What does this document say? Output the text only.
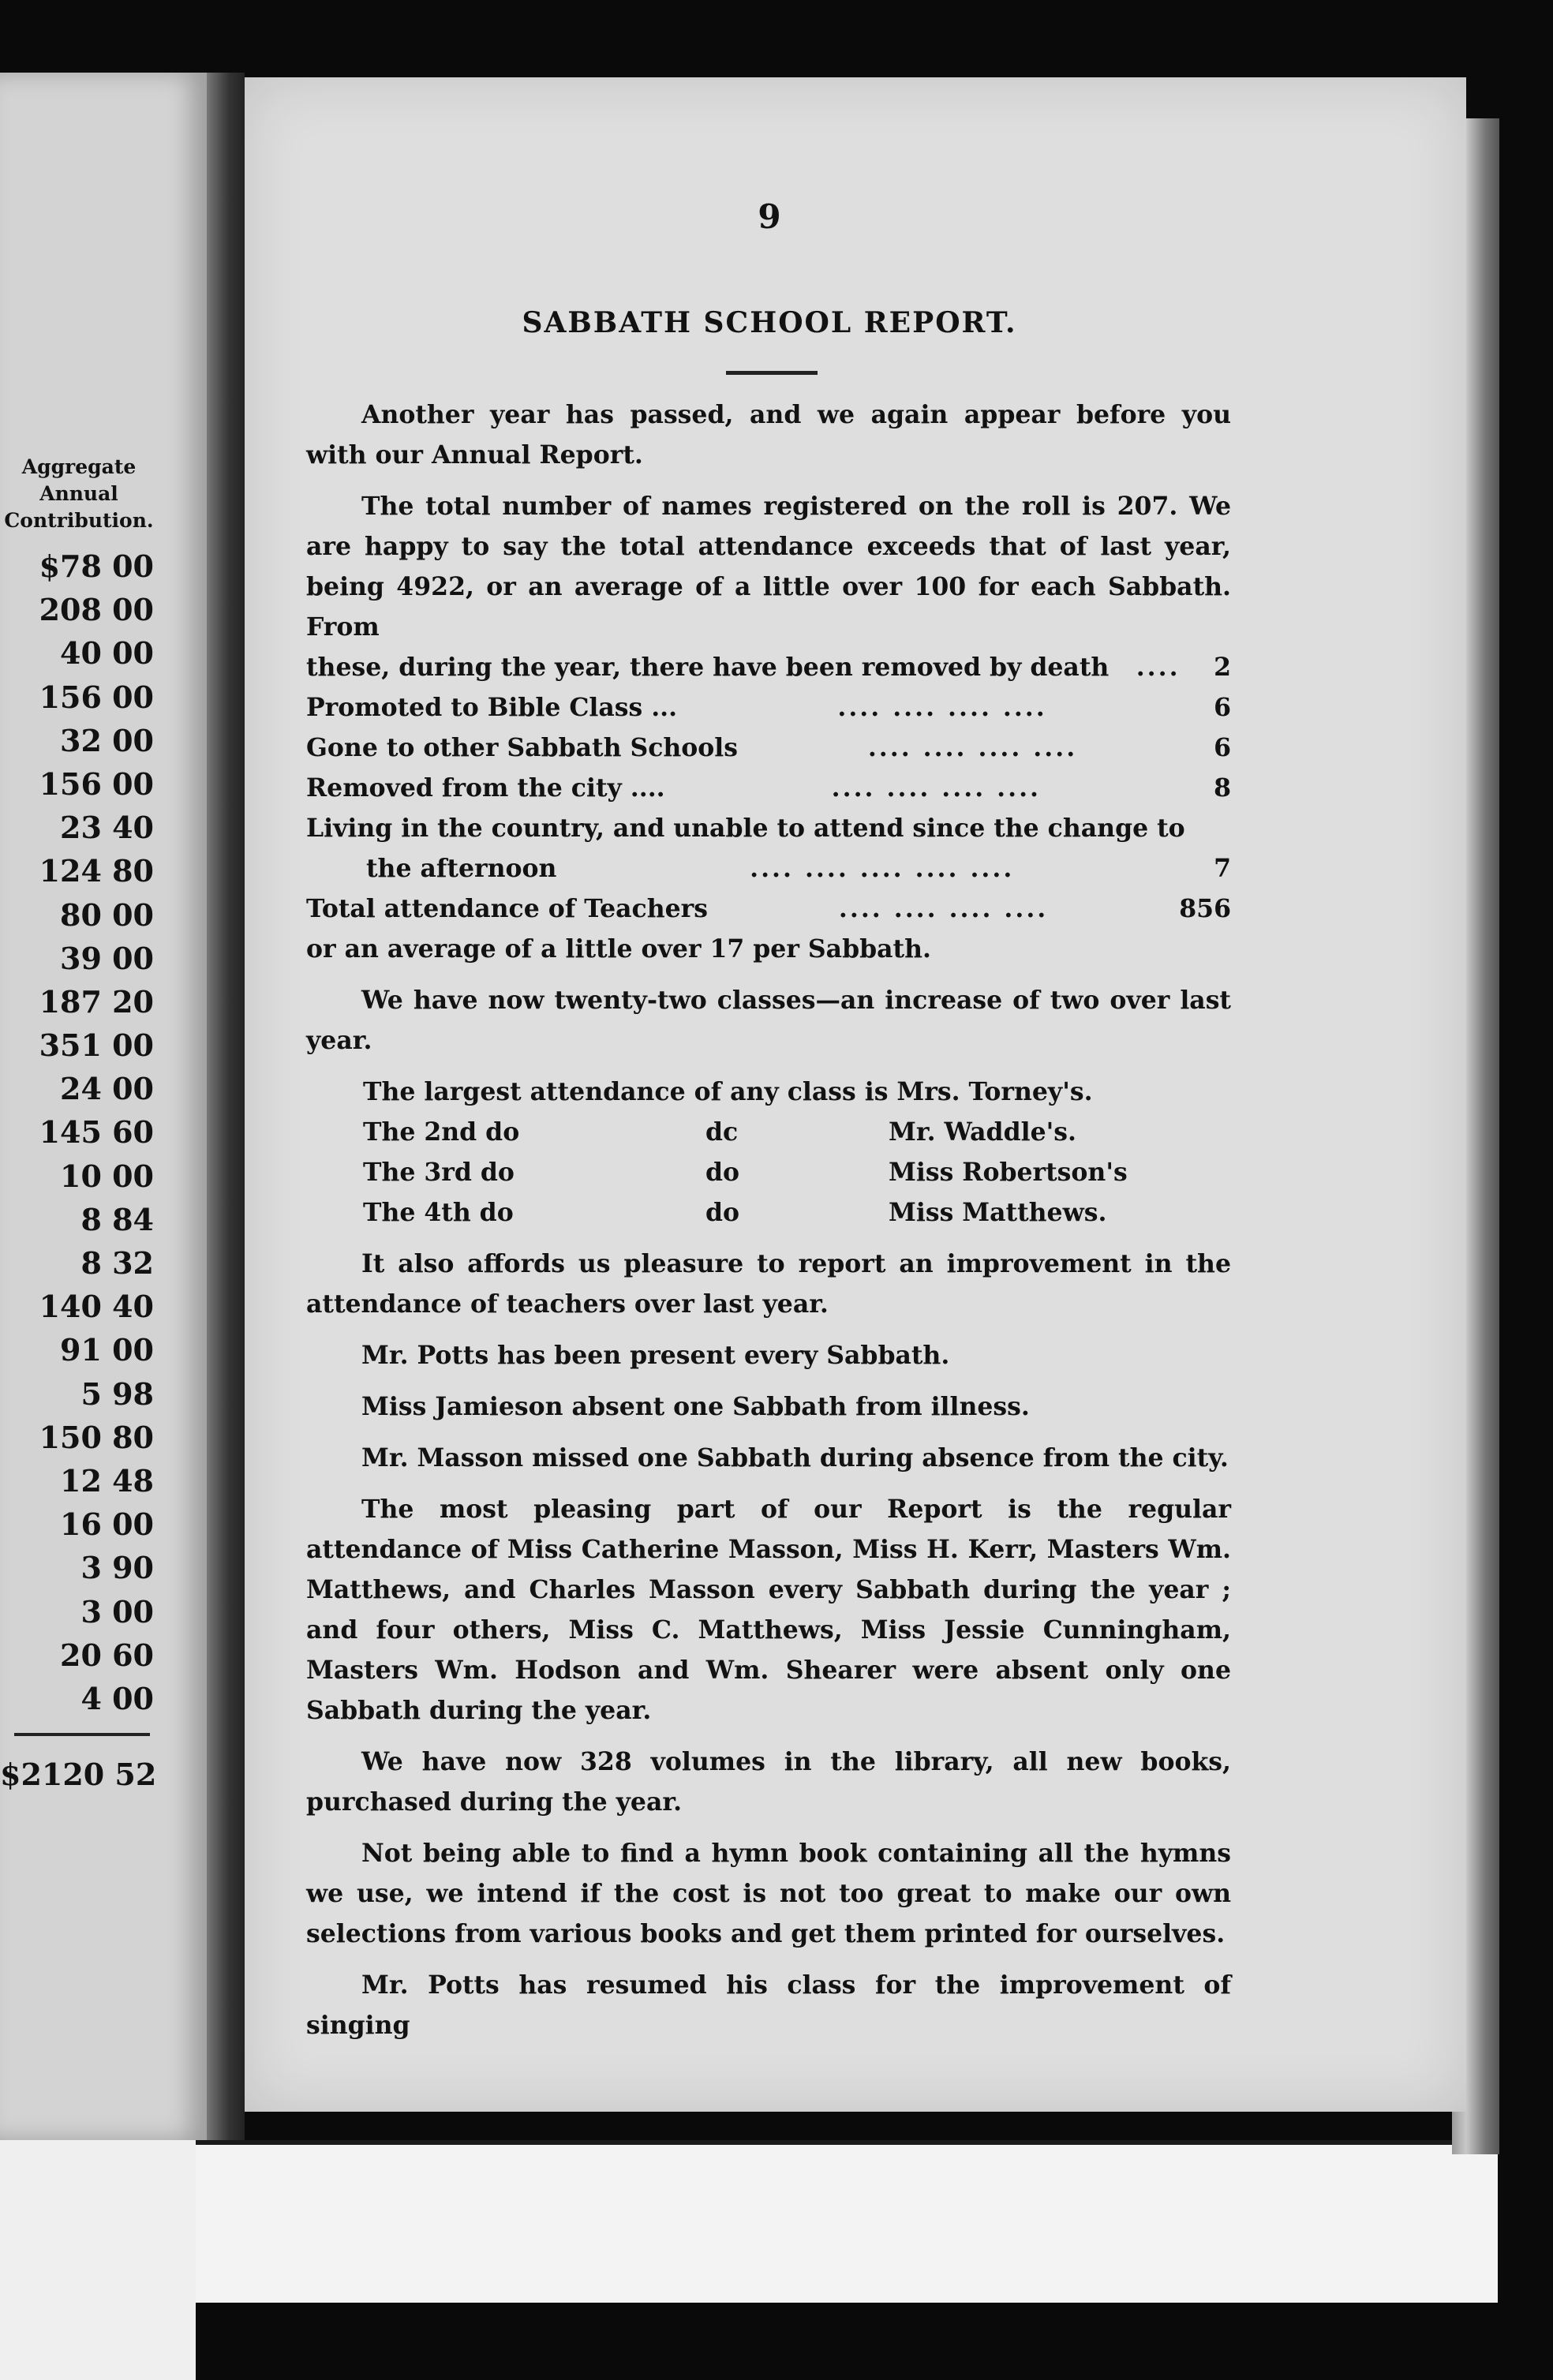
Aggregate
Annual
Contribution.
$78 00
208 00
40 00
156 00
32 00
156 00
23 40
124 80
80 00
39 00
187 20
351 00
24 00
145 60
10 00
8 84
8 32
140 40
91 00
5 98
150 80
12 48
16 00
3 90
3 00
20 60
4 00
$2120 52
9
SABBATH SCHOOL REPORT.

Another year has passed, and we again appear before you with our Annual Report.

The total number of names registered on the roll is 207. We are happy to say the total attendance exceeds that of last year, being 4922, or an average of a little over 100 for each Sabbath. From

these, during the year, there have been removed by death	....	2
Promoted to Bible Class ...	.... .... .... ....	6
Gone to other Sabbath Schools	.... .... .... ....	6
Removed from the city ....	.... .... .... ....	8
Living in the country, and unable to attend since the change to
the afternoon	.... .... .... .... ....	7
Total attendance of Teachers	.... .... .... ....	856
or an average of a little over 17 per Sabbath.

We have now twenty-two classes—an increase of two over last year.

The largest attendance of any class is Mrs. Torney's.
The 2nd do	dc	Mr. Waddle's.
The 3rd do	do	Miss Robertson's
The 4th do	do	Miss Matthews.

It also affords us pleasure to report an improvement in the attendance of teachers over last year.

Mr. Potts has been present every Sabbath.

Miss Jamieson absent one Sabbath from illness.

Mr. Masson missed one Sabbath during absence from the city.

The most pleasing part of our Report is the regular attendance of Miss Catherine Masson, Miss H. Kerr, Masters Wm. Matthews, and Charles Masson every Sabbath during the year ; and four others, Miss C. Matthews, Miss Jessie Cunningham, Masters Wm. Hodson and Wm. Shearer were absent only one Sabbath during the year.

We have now 328 volumes in the library, all new books, purchased during the year.

Not being able to find a hymn book containing all the hymns we use, we intend if the cost is not too great to make our own selections from various books and get them printed for ourselves.

Mr. Potts has resumed his class for the improvement of singing
